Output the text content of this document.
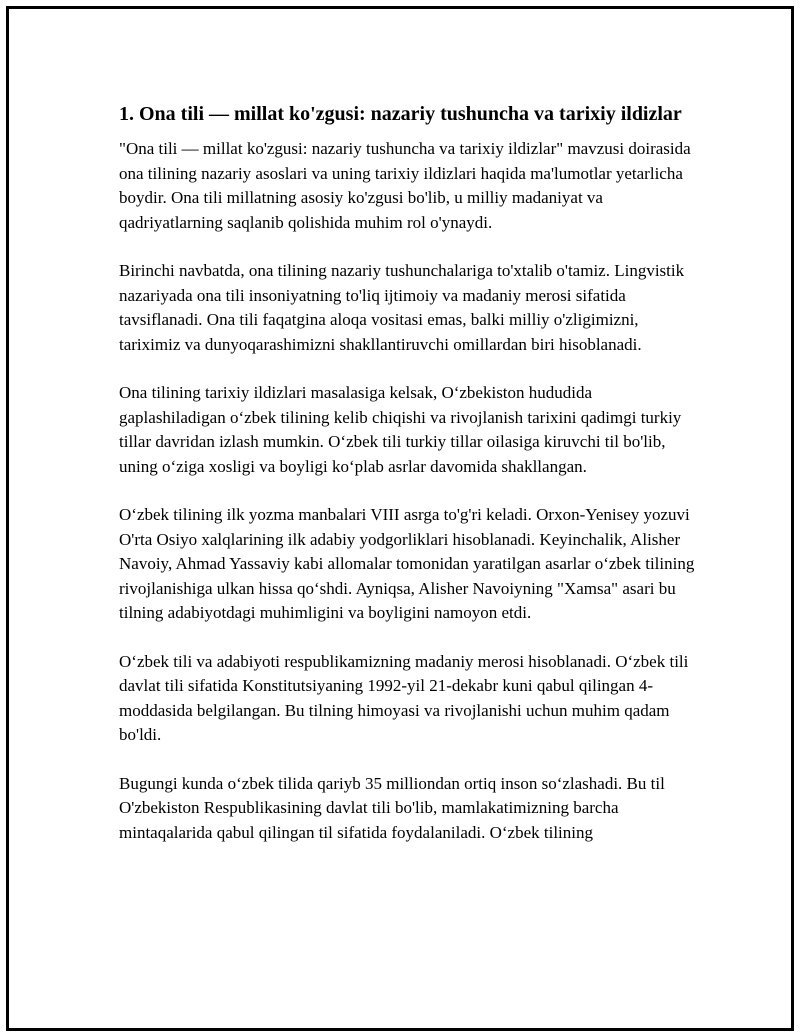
1. Ona tili — millat ko'zgusi: nazariy tushuncha va tarixiy ildizlar

"Ona tili — millat ko'zgusi: nazariy tushuncha va tarixiy ildizlar" mavzusi doirasida ona tilining nazariy asoslari va uning tarixiy ildizlari haqida ma'lumotlar yetarlicha boydir. Ona tili millatning asosiy ko'zgusi bo'lib, u milliy madaniyat va qadriyatlarning saqlanib qolishida muhim rol o'ynaydi.

Birinchi navbatda, ona tilining nazariy tushunchalariga to'xtalib o'tamiz. Lingvistik nazariyada ona tili insoniyatning to'liq ijtimoiy va madaniy merosi sifatida tavsiflanadi. Ona tili faqatgina aloqa vositasi emas, balki milliy o'zligimizni, tariximiz va dunyoqarashimizni shakllantiruvchi omillardan biri hisoblanadi.

Ona tilining tarixiy ildizlari masalasiga kelsak, O‘zbekiston hududida gaplashiladigan o‘zbek tilining kelib chiqishi va rivojlanish tarixini qadimgi turkiy tillar davridan izlash mumkin. O‘zbek tili turkiy tillar oilasiga kiruvchi til bo'lib, uning o‘ziga xosligi va boyligi ko‘plab asrlar davomida shakllangan.

O‘zbek tilining ilk yozma manbalari VIII asrga to'g'ri keladi. Orxon-Yenisey yozuvi O'rta Osiyo xalqlarining ilk adabiy yodgorliklari hisoblanadi. Keyinchalik, Alisher Navoiy, Ahmad Yassaviy kabi allomalar tomonidan yaratilgan asarlar o‘zbek tilining rivojlanishiga ulkan hissa qo‘shdi. Ayniqsa, Alisher Navoiyning "Xamsa" asari bu tilning adabiyotdagi muhimligini va boyligini namoyon etdi.

O‘zbek tili va adabiyoti respublikamizning madaniy merosi hisoblanadi. O‘zbek tili davlat tili sifatida Konstitutsiyaning 1992-yil 21-dekabr kuni qabul qilingan 4-moddasida belgilangan. Bu tilning himoyasi va rivojlanishi uchun muhim qadam bo'ldi.

Bugungi kunda o‘zbek tilida qariyb 35 milliondan ortiq inson so‘zlashadi. Bu til O'zbekiston Respublikasining davlat tili bo'lib, mamlakatimizning barcha mintaqalarida qabul qilingan til sifatida foydalaniladi. O‘zbek tilining
